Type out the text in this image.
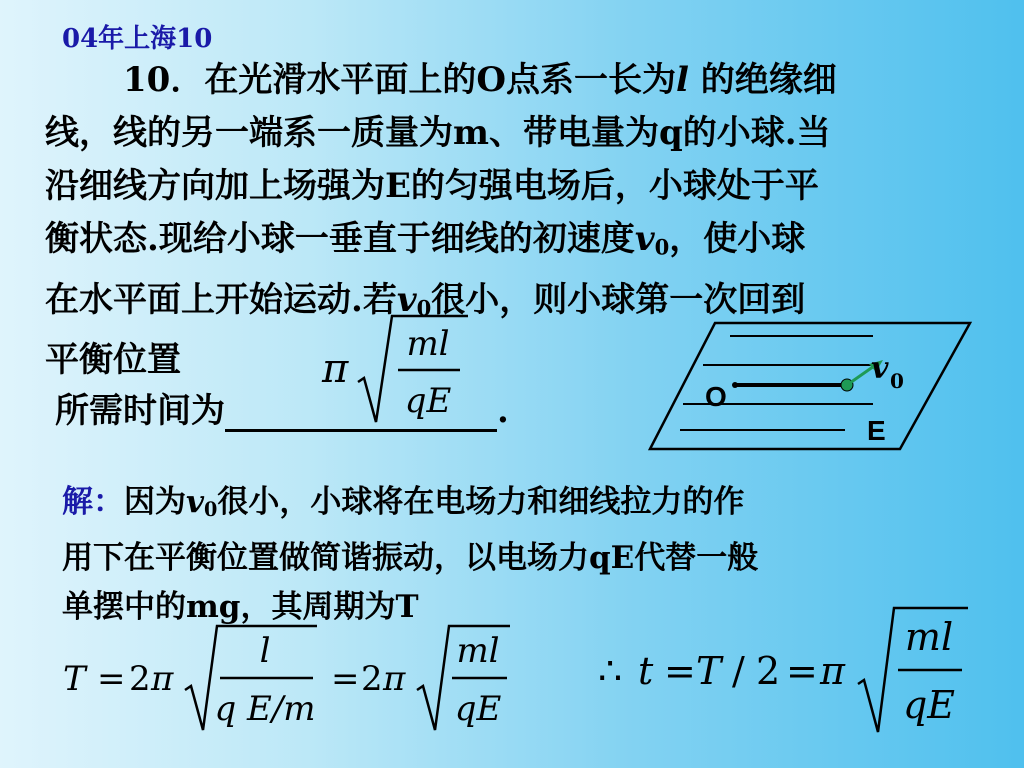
04年上海10
10．在光滑水平面上的O点系一长为l 的绝缘细
线，线的另一端系一质量为m、带电量为q的小球.当
沿细线方向加上场强为E的匀强电场后，小球处于平
衡状态.现给小球一垂直于细线的初速度$v_0$，使小球
在水平面上开始运动.若$v_0$很小，则小球第一次回到
平衡位置	π
ml
qE
所需时间为	.	O
E
v 0
解：因为$v_0$很小，小球将在电场力和细线拉力的作
用下在平衡位置做简谐振动，以电场力qE代替一般
单摆中的mg，其周期为T
T = 2 π
l
q E/m
= 2 π
ml
qE
∴ t = T / 2 = π
ml
qE
